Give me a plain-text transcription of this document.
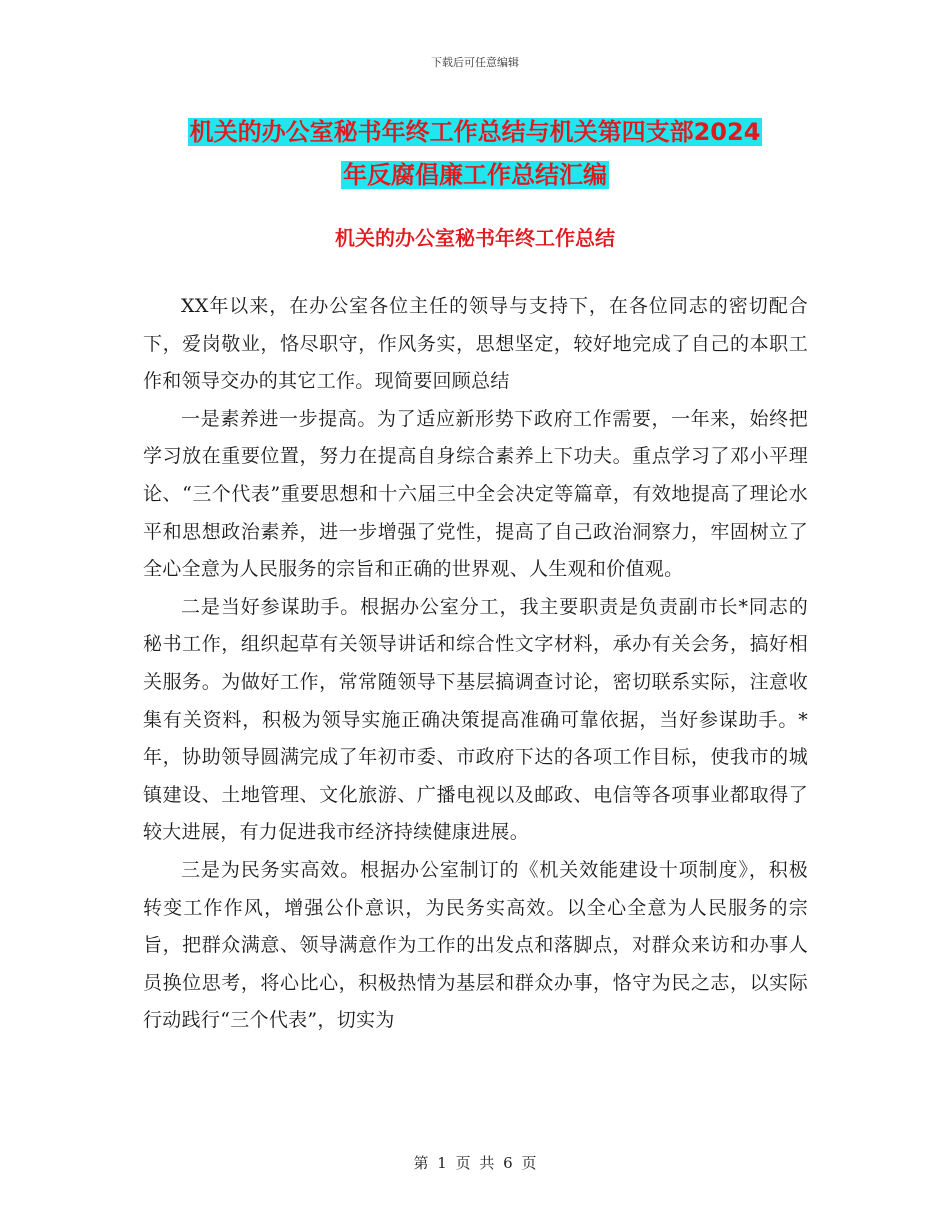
下载后可任意编辑
机关的办公室秘书年终工作总结与机关第四支部2024
年反腐倡廉工作总结汇编
机关的办公室秘书年终工作总结

XX年以来，在办公室各位主任的领导与支持下，在各位同志的密切配合下，爱岗敬业，恪尽职守，作风务实，思想坚定，较好地完成了自己的本职工作和领导交办的其它工作。现简要回顾总结

一是素养进一步提高。为了适应新形势下政府工作需要，一年来，始终把学习放在重要位置，努力在提高自身综合素养上下功夫。重点学习了邓小平理论、“三个代表”重要思想和十六届三中全会决定等篇章，有效地提高了理论水平和思想政治素养，进一步增强了党性，提高了自己政治洞察力，牢固树立了全心全意为人民服务的宗旨和正确的世界观、人生观和价值观。

二是当好参谋助手。根据办公室分工，我主要职责是负责副市长*同志的秘书工作，组织起草有关领导讲话和综合性文字材料，承办有关会务，搞好相关服务。为做好工作，常常随领导下基层搞调查讨论，密切联系实际，注意收集有关资料，积极为领导实施正确决策提高准确可靠依据，当好参谋助手。*年，协助领导圆满完成了年初市委、市政府下达的各项工作目标，使我市的城镇建设、土地管理、文化旅游、广播电视以及邮政、电信等各项事业都取得了较大进展，有力促进我市经济持续健康进展。

三是为民务实高效。根据办公室制订的《机关效能建设十项制度》，积极转变工作作风，增强公仆意识，为民务实高效。以全心全意为人民服务的宗旨，把群众满意、领导满意作为工作的出发点和落脚点，对群众来访和办事人员换位思考，将心比心，积极热情为基层和群众办事，恪守为民之志，以实际行动践行“三个代表”，切实为

第 1 页 共 6 页
